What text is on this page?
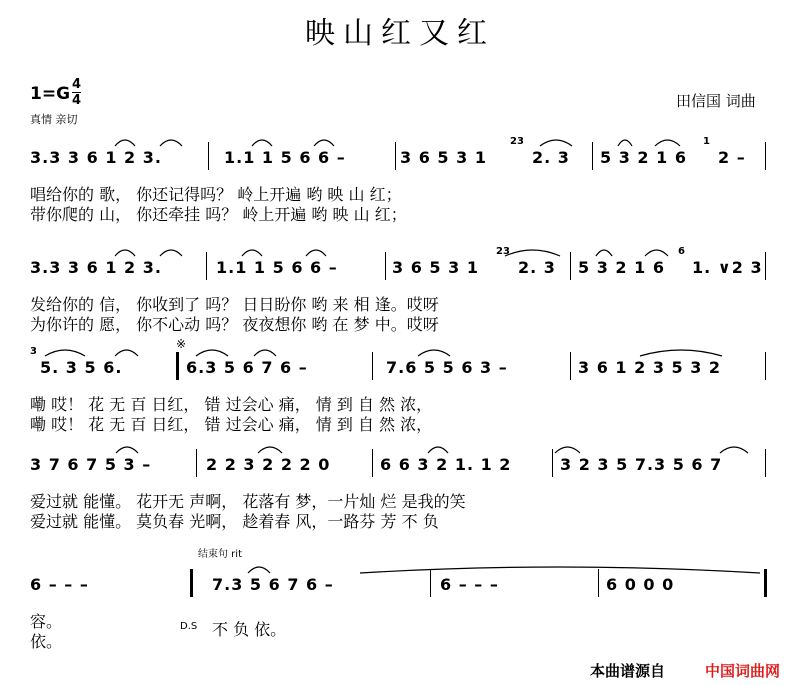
映山红又红
1=G 4
4
真情 亲切
田信国 词曲
3.3 3 6 1 2 3.	1.1 1 5 6 6 –	3 6 5 3 1	2. 3 5 3 2 1 6 2 –
23	1
唱给你的 歌， 你还记得吗？ 岭上开遍 哟 映 山 红；
带你爬的 山， 你还牵挂 吗？ 岭上开遍 哟 映 山 红；
3.3 3 6 1 2 3.	1.1 1 5 6 6 –	3 6 5 3 1 2. 3 5 3 2 1 6 1. ∨2 3
23	6
发给你的 信， 你收到了 吗？ 日日盼你 哟 来 相 逢。哎呀
为你许的 愿， 你不心动 吗？ 夜夜想你 哟 在 梦 中。哎呀
5. 3 5 6.	6.3 5 6 7 6 –	7.6 5 5 6 3 –	3 6 1 2 3 5 3 2
3
嘞 哎！ 花 无 百 日红， 错 过会心 痛， 情 到 自 然 浓，
嘞 哎！ 花 无 百 日红， 错 过会心 痛， 情 到 自 然 浓，
3 7 6 7 5 3 –	2 2 3 2 2 2 0	6 6 3 2 1. 1 2	3 2 3 5 7.3 5 6 7
爱过就 能懂。 花开无 声啊， 花落有 梦，一片灿 烂 是我的笑
爱过就 能懂。 莫负春 光啊， 趁着春 风，一路芬 芳 不 负
6 – – –	7.3 5 6 7 6 –	6 – – –	6 0 0 0
容。
依。
D.S 不 负 依。
结束句 rit
※
本曲谱源自	中国词曲网
